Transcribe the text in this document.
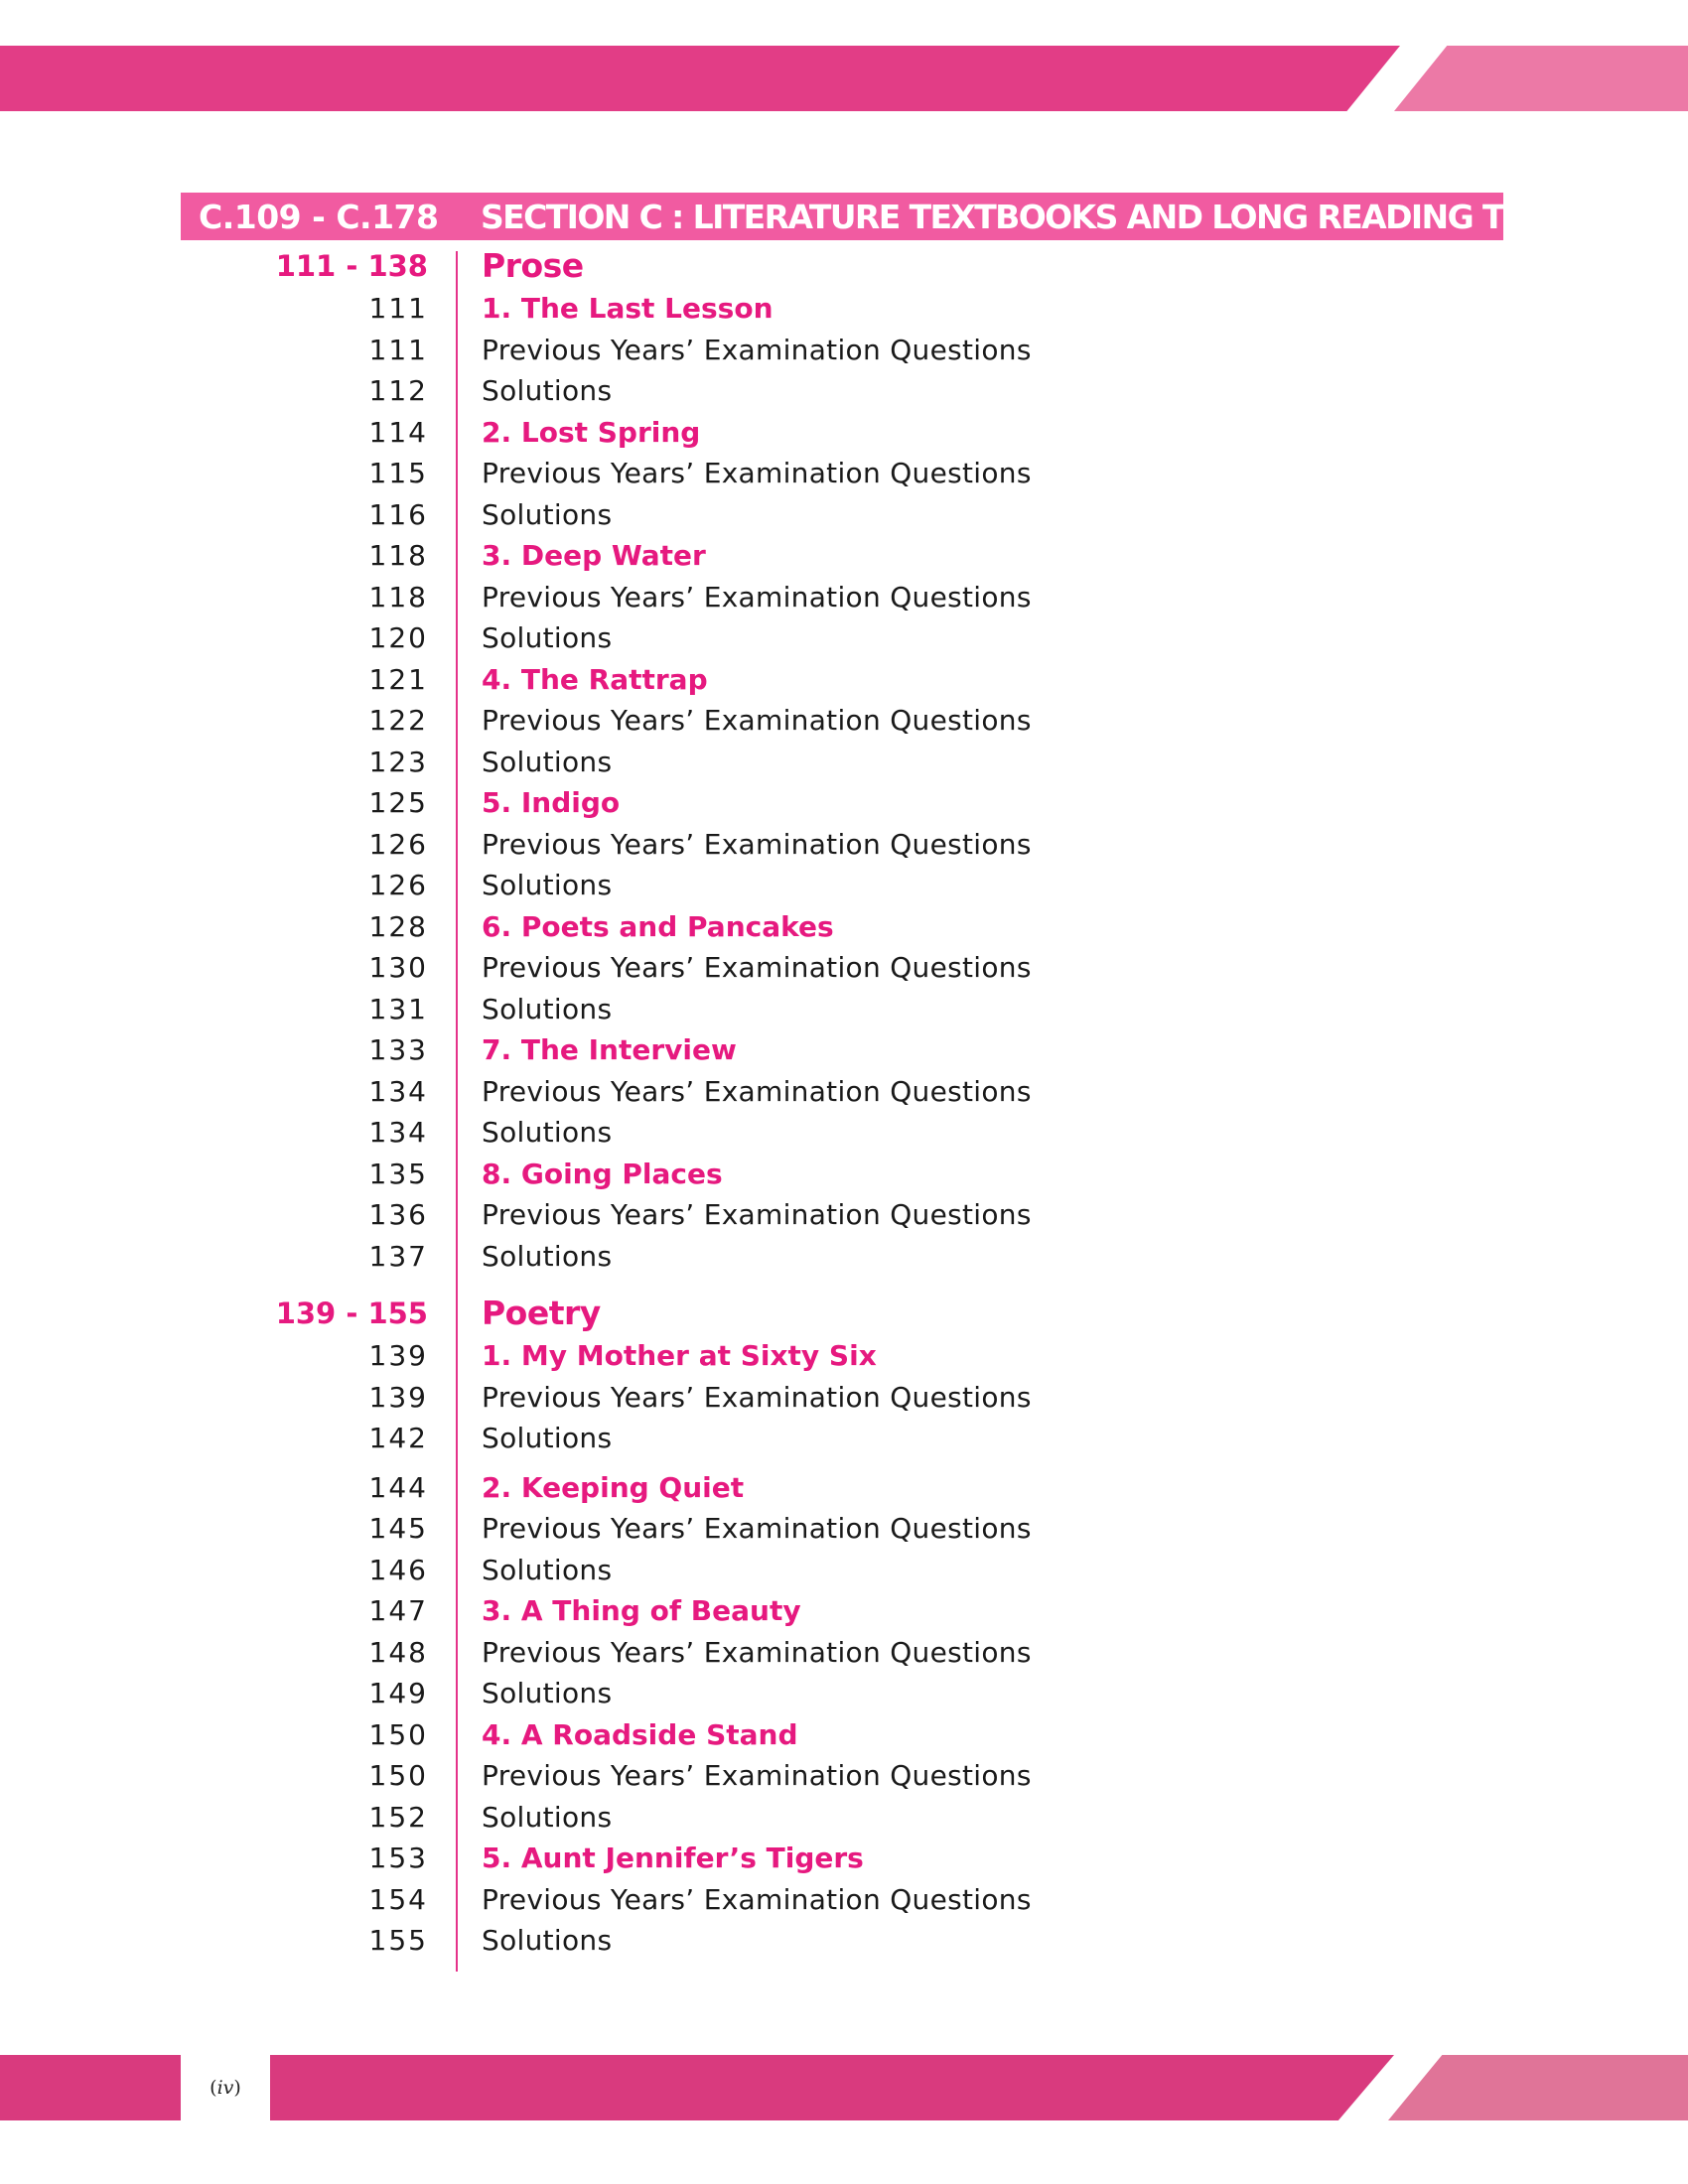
C.109 - C.178 SECTION C : LITERATURE TEXTBOOKS AND LONG READING TEXT
111 - 138 Prose
111 1. The Last Lesson
111 Previous Years’ Examination Questions
112 Solutions
114 2. Lost Spring
115 Previous Years’ Examination Questions
116 Solutions
118 3. Deep Water
118 Previous Years’ Examination Questions
120 Solutions
121 4. The Rattrap
122 Previous Years’ Examination Questions
123 Solutions
125 5. Indigo
126 Previous Years’ Examination Questions
126 Solutions
128 6. Poets and Pancakes
130 Previous Years’ Examination Questions
131 Solutions
133 7. The Interview
134 Previous Years’ Examination Questions
134 Solutions
135 8. Going Places
136 Previous Years’ Examination Questions
137 Solutions
139 - 155 Poetry
139 1. My Mother at Sixty Six
139 Previous Years’ Examination Questions
142 Solutions
144 2. Keeping Quiet
145 Previous Years’ Examination Questions
146 Solutions
147 3. A Thing of Beauty
148 Previous Years’ Examination Questions
149 Solutions
150 4. A Roadside Stand
150 Previous Years’ Examination Questions
152 Solutions
153 5. Aunt Jennifer’s Tigers
154 Previous Years’ Examination Questions
155 Solutions
( iv )
